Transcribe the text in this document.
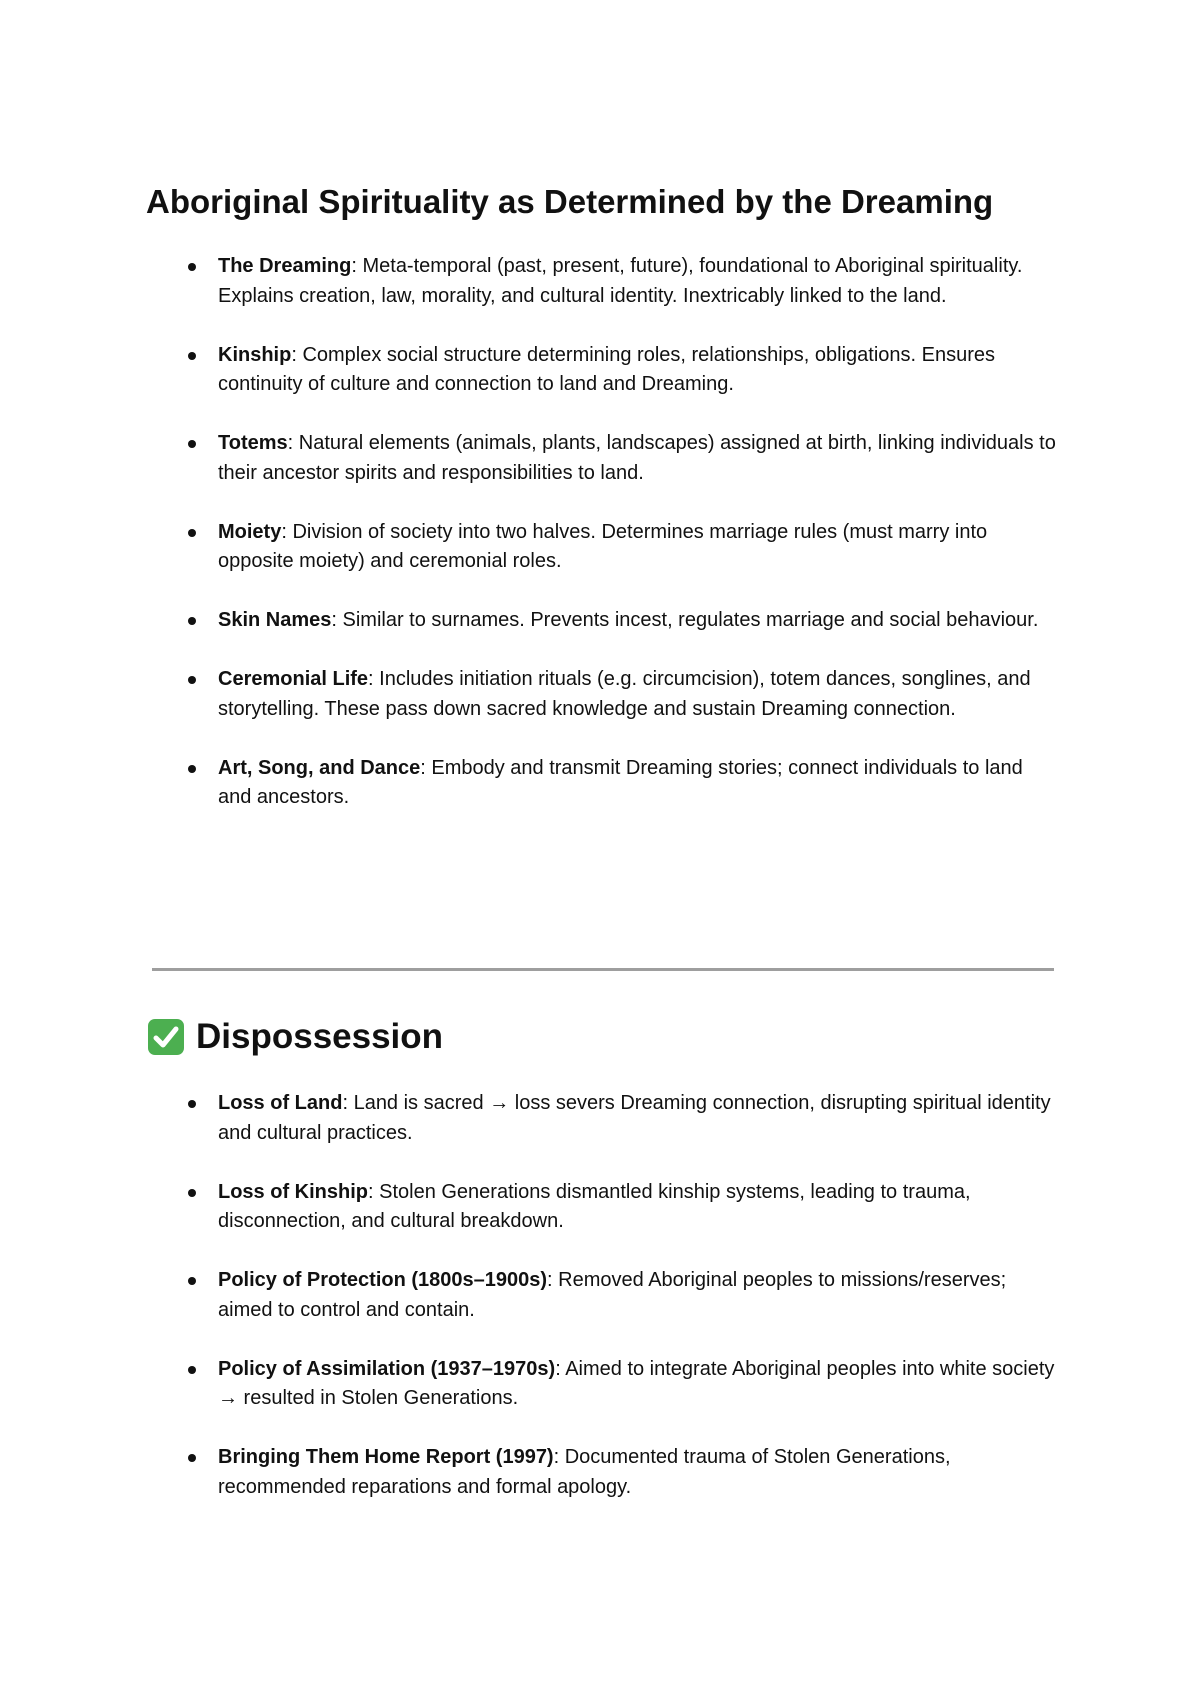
Aboriginal Spirituality as Determined by the Dreaming
The Dreaming: Meta-temporal (past, present, future), foundational to Aboriginal spirituality. Explains creation, law, morality, and cultural identity. Inextricably linked to the land.
Kinship: Complex social structure determining roles, relationships, obligations. Ensures continuity of culture and connection to land and Dreaming.
Totems: Natural elements (animals, plants, landscapes) assigned at birth, linking individuals to their ancestor spirits and responsibilities to land.
Moiety: Division of society into two halves. Determines marriage rules (must marry into opposite moiety) and ceremonial roles.
Skin Names: Similar to surnames. Prevents incest, regulates marriage and social behaviour.
Ceremonial Life: Includes initiation rituals (e.g. circumcision), totem dances, songlines, and storytelling. These pass down sacred knowledge and sustain Dreaming connection.
Art, Song, and Dance: Embody and transmit Dreaming stories; connect individuals to land and ancestors.
Dispossession
Loss of Land: Land is sacred → loss severs Dreaming connection, disrupting spiritual identity and cultural practices.
Loss of Kinship: Stolen Generations dismantled kinship systems, leading to trauma, disconnection, and cultural breakdown.
Policy of Protection (1800s–1900s): Removed Aboriginal peoples to missions/reserves; aimed to control and contain.
Policy of Assimilation (1937–1970s): Aimed to integrate Aboriginal peoples into white society → resulted in Stolen Generations.
Bringing Them Home Report (1997): Documented trauma of Stolen Generations, recommended reparations and formal apology.
